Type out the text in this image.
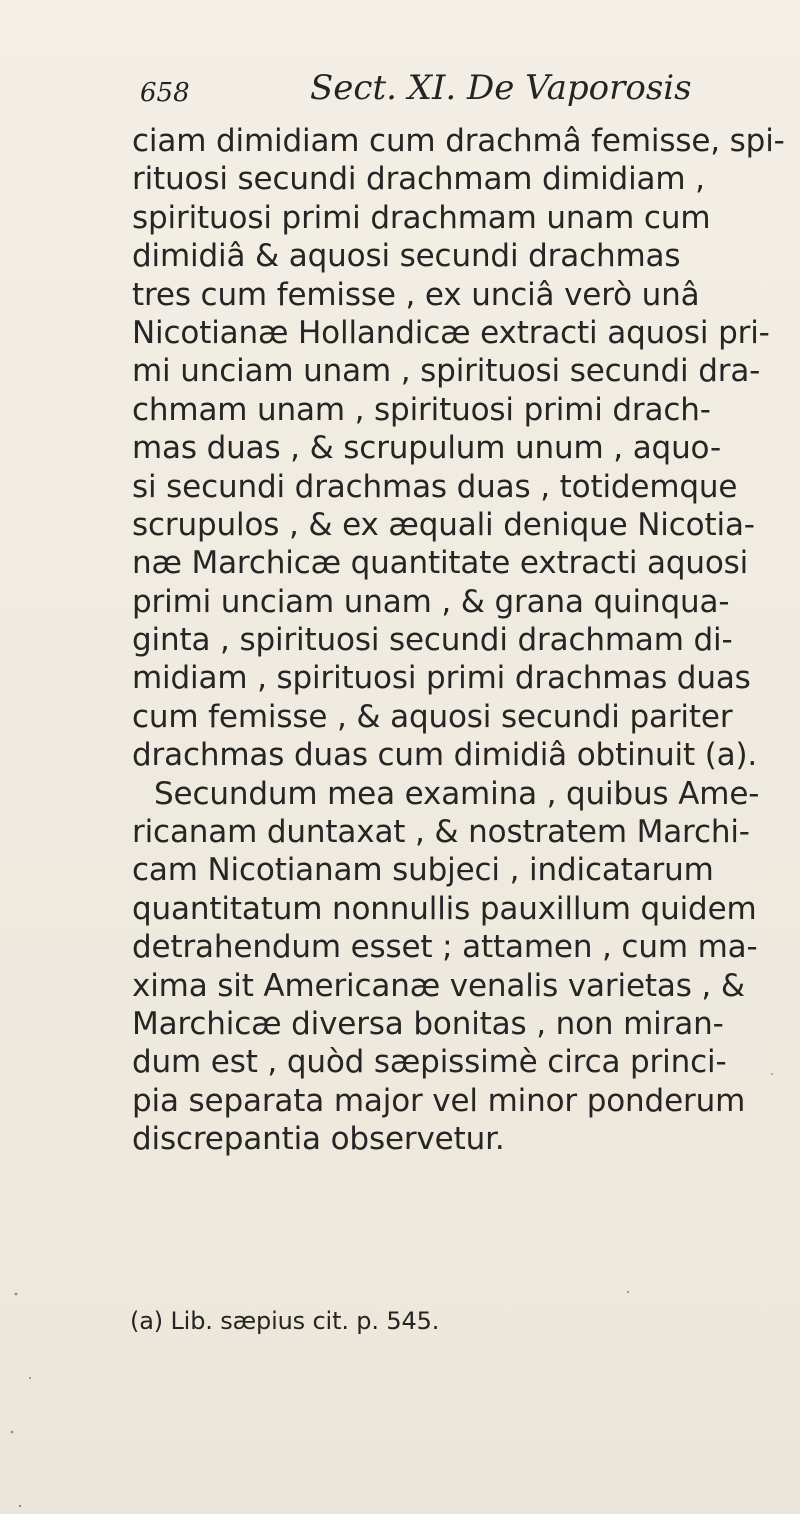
658	Sect. XI. De Vaporosis
ciam dimidiam cum drachmâ femisse, spi-
rituosi secundi drachmam dimidiam ,
spirituosi primi drachmam unam cum
dimidiâ & aquosi secundi drachmas
tres cum femisse , ex unciâ verò unâ
Nicotianæ Hollandicæ extracti aquosi pri-
mi unciam unam , spirituosi secundi dra-
chmam unam , spirituosi primi drach-
mas duas , & scrupulum unum , aquo-
si secundi drachmas duas , totidemque
scrupulos , & ex æquali denique Nicotia-
næ Marchicæ quantitate extracti aquosi
primi unciam unam , & grana quinqua-
ginta , spirituosi secundi drachmam di-
midiam , spirituosi primi drachmas duas
cum femisse , & aquosi secundi pariter
drachmas duas cum dimidiâ obtinuit (a).
Secundum mea examina , quibus Ame-
ricanam duntaxat , & nostratem Marchi-
cam Nicotianam subjeci , indicatarum
quantitatum nonnullis pauxillum quidem
detrahendum esset ; attamen , cum ma-
xima sit Americanæ venalis varietas , &
Marchicæ diversa bonitas , non miran-
dum est , quòd sæpissimè circa princi-
pia separata major vel minor ponderum
discrepantia observetur.
(a) Lib. sæpius cit. p. 545.
